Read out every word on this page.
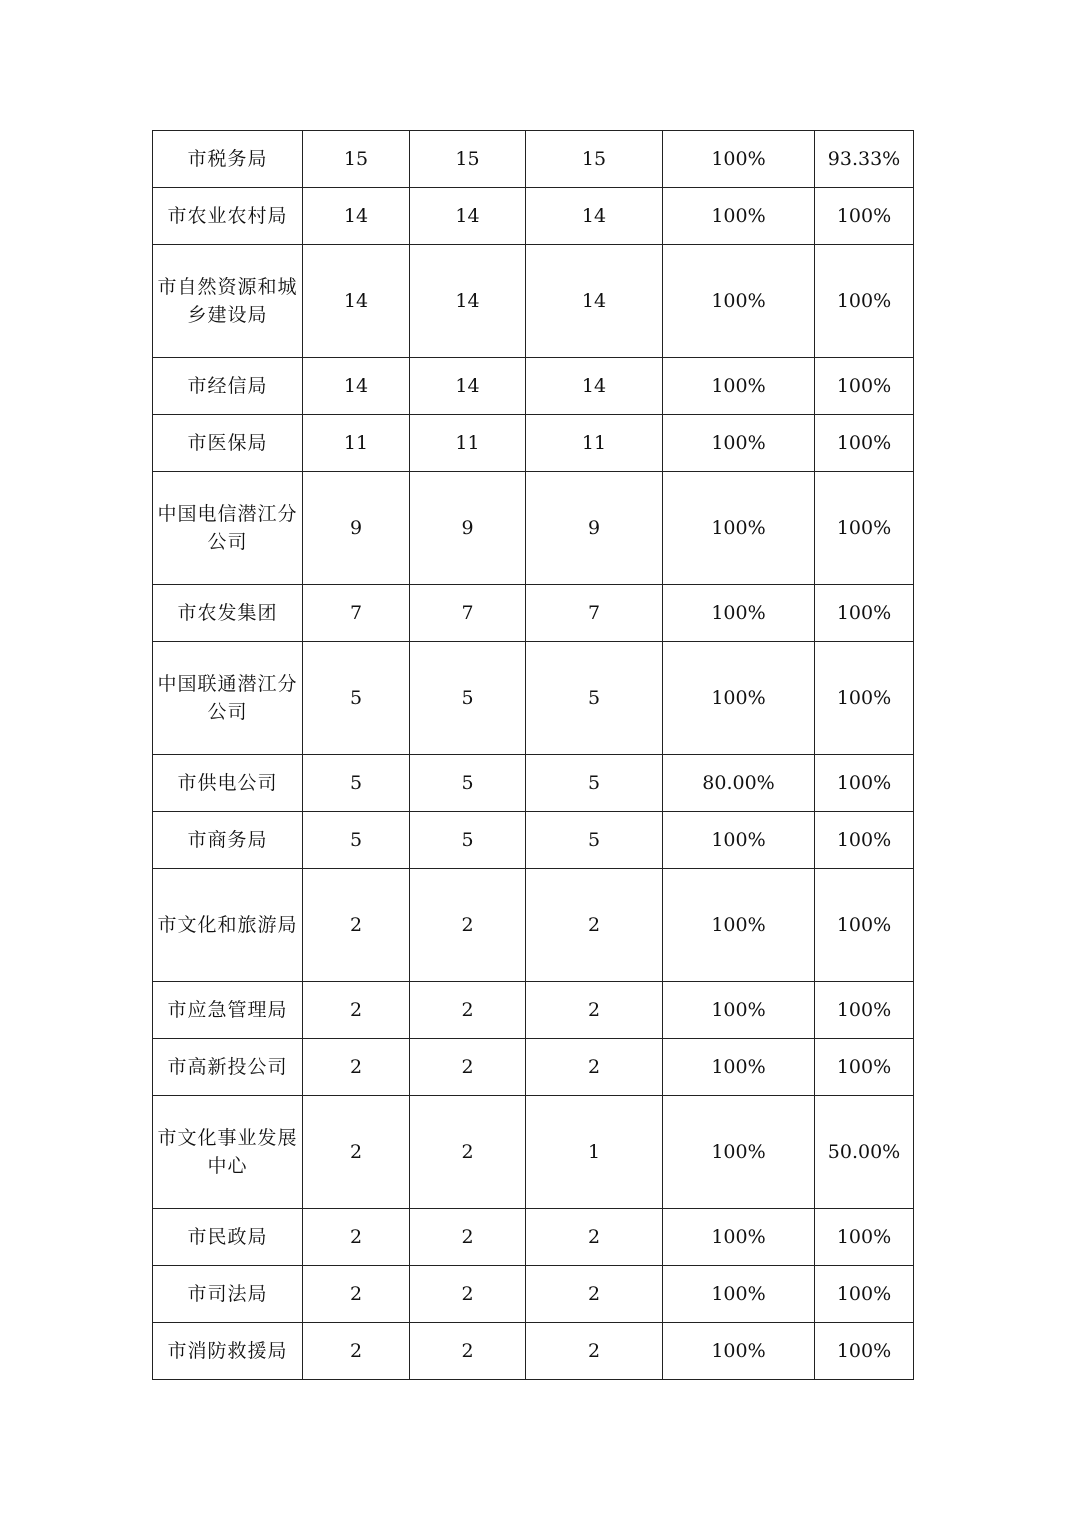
市税务局	15	15	15	100%	93.33%
市农业农村局	14	14	14	100%	100%
市自然资源和城乡建设局	14	14	14	100%	100%
市经信局	14	14	14	100%	100%
市医保局	11	11	11	100%	100%
中国电信潜江分公司	9	9	9	100%	100%
市农发集团	7	7	7	100%	100%
中国联通潜江分公司	5	5	5	100%	100%
市供电公司	5	5	5	80.00%	100%
市商务局	5	5	5	100%	100%
市文化和旅游局	2	2	2	100%	100%
市应急管理局	2	2	2	100%	100%
市高新投公司	2	2	2	100%	100%
市文化事业发展中心	2	2	1	100%	50.00%
市民政局	2	2	2	100%	100%
市司法局	2	2	2	100%	100%
市消防救援局	2	2	2	100%	100%
